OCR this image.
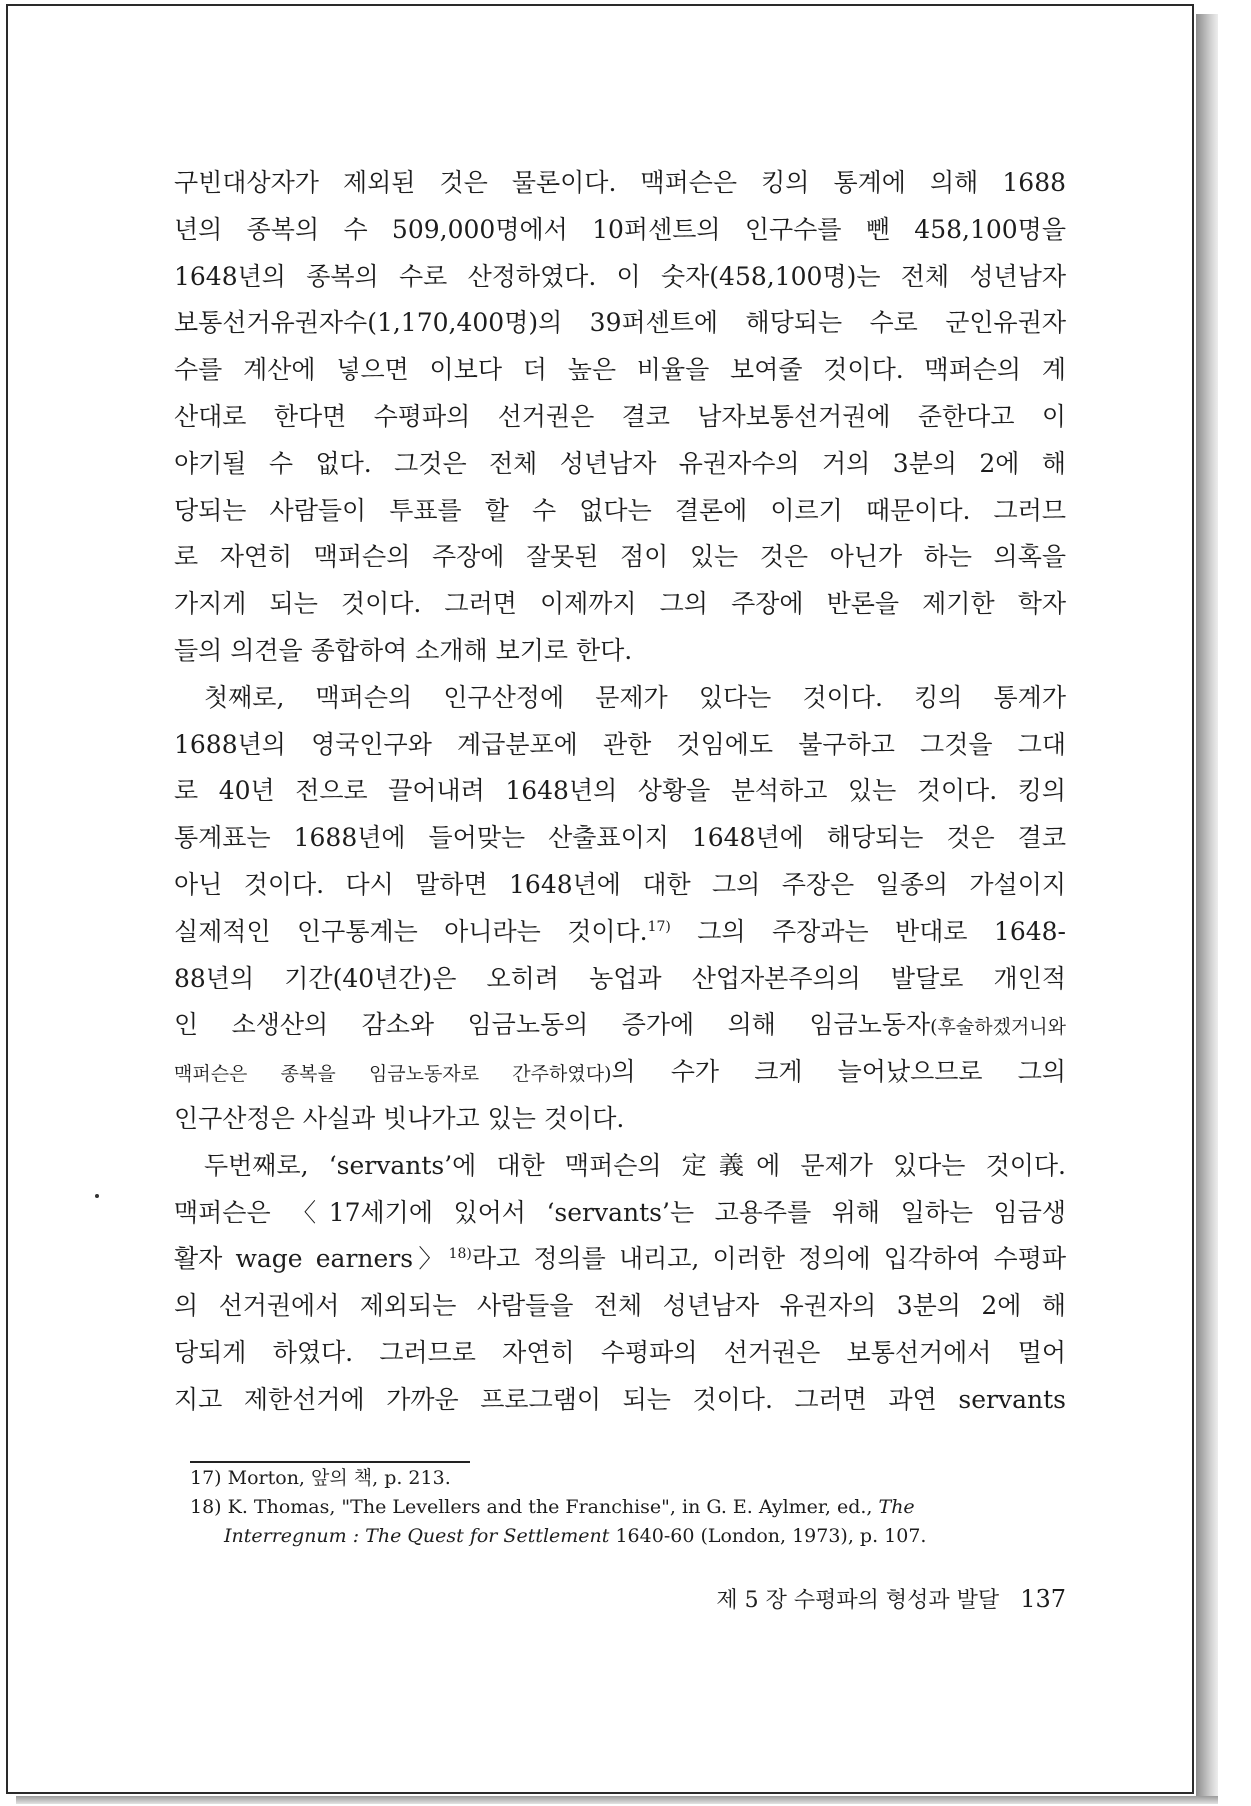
구빈대상자가 제외된 것은 물론이다. 맥퍼슨은 킹의 통계에 의해 1688
년의 종복의 수 509,000명에서 10퍼센트의 인구수를 뺀 458,100명을
1648년의 종복의 수로 산정하였다. 이 숫자(458,100명)는 전체 성년남자
보통선거유권자수(1,170,400명)의 39퍼센트에 해당되는 수로 군인유권자
수를 계산에 넣으면 이보다 더 높은 비율을 보여줄 것이다. 맥퍼슨의 계
산대로 한다면 수평파의 선거권은 결코 남자보통선거권에 준한다고 이
야기될 수 없다. 그것은 전체 성년남자 유권자수의 거의 3분의 2에 해
당되는 사람들이 투표를 할 수 없다는 결론에 이르기 때문이다. 그러므
로 자연히 맥퍼슨의 주장에 잘못된 점이 있는 것은 아닌가 하는 의혹을
가지게 되는 것이다. 그러면 이제까지 그의 주장에 반론을 제기한 학자
들의 의견을 종합하여 소개해 보기로 한다.
첫째로, 맥퍼슨의 인구산정에 문제가 있다는 것이다. 킹의 통계가
1688년의 영국인구와 계급분포에 관한 것임에도 불구하고 그것을 그대
로 40년 전으로 끌어내려 1648년의 상황을 분석하고 있는 것이다. 킹의
통계표는 1688년에 들어맞는 산출표이지 1648년에 해당되는 것은 결코
아닌 것이다. 다시 말하면 1648년에 대한 그의 주장은 일종의 가설이지
실제적인 인구통계는 아니라는 것이다.$^{17)}$ 그의 주장과는 반대로 1648-
88년의 기간(40년간)은 오히려 농업과 산업자본주의의 발달로 개인적
인 소생산의 감소와 임금노동의 증가에 의해 임금노동자(후술하겠거니와
맥퍼슨은 종복을 임금노동자로 간주하였다)의 수가 크게 늘어났으므로 그의
인구산정은 사실과 빗나가고 있는 것이다.
두번째로, ‘servants’에 대한 맥퍼슨의 定義에 문제가 있다는 것이다.
맥퍼슨은 〈17세기에 있어서 ‘servants’는 고용주를 위해 일하는 임금생
활자 wage earners〉$^{18)}$라고 정의를 내리고, 이러한 정의에 입각하여 수평파
의 선거권에서 제외되는 사람들을 전체 성년남자 유권자의 3분의 2에 해
당되게 하였다. 그러므로 자연히 수평파의 선거권은 보통선거에서 멀어
지고 제한선거에 가까운 프로그램이 되는 것이다. 그러면 과연 servants
17) Morton, 앞의 책, p. 213.
18) K. Thomas, "The Levellers and the Franchise", in G. E. Aylmer, ed., The
Interregnum : The Quest for Settlement 1640-60 (London, 1973), p. 107.
제 5 장 수평파의 형성과 발달 137
